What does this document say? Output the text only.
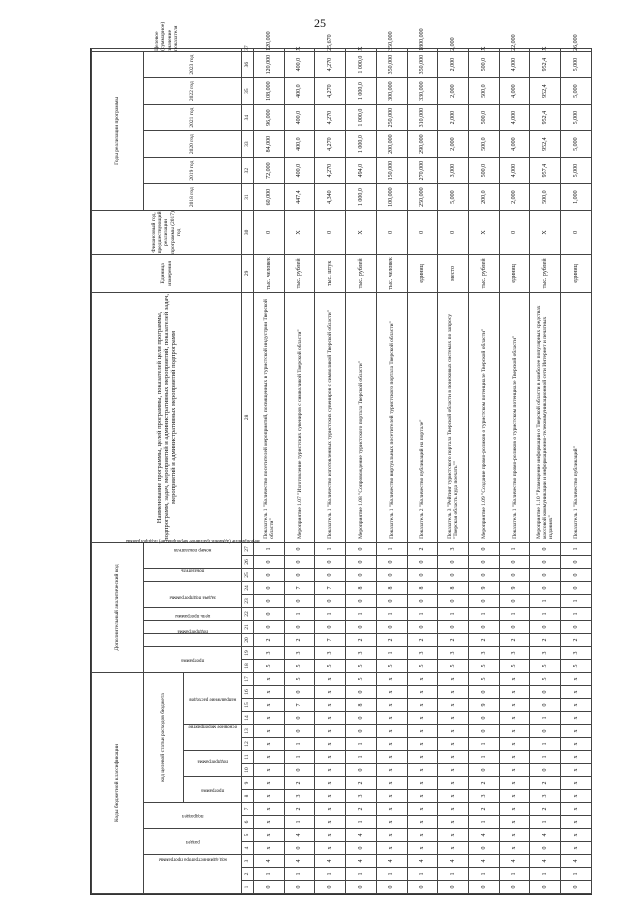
25
Коды бюджетной классификации																	Дополнительный аналитический код										Наименование программы, целей программы, показателей цели программы, подпрограмм, задач, мероприятий и административных мероприятий, показателей задач, мероприятий и административных мероприятий подпрограмм	Единица измерения	Финансовый год, предшествующий реализации программы (2017) год	Годы реализации программы						Целевое (суммарное) значение показателя
код администратора программы			раздел		подраздел		код целевой статьи расходов бюджета										программа		подпрограмма	цель программы	задача подпрограммы	мероприятие (административное мероприятие) подпрограммы		показатель	номер показателя					2018 год	2019 год	2020 год	2021 год	2022 год	2023 год	
							программа		подпрограмма		основное мероприятие		направление расходов																							
1	2	3	4	5	6	7	8	9	10	11	12	13	14	15	16	17	18	19	20	21	22	23	24	25	26	27	28	29	30	31	32	33	34	35	36	37
0	1	4	х	х	х	х	х	х	х	х	х	х	х	х	х	х	5	3	2	0	0	0	0	0	0	1	Показатель 1 "Количество посетителей мероприятий, посвященных в туристской индустрии Тверской области"	тыс. человек	0	60,000	72,000	84,000	96,000	108,000	120,000	120,000
0	1	4	0	4	1	2	3	2	0	1	1	0	0	7	0	5	5	3	2	0	1	0	7	0	0	0	Мероприятие 1.07 "Изготовление туристских сувениров с символикой Тверской области"	тыс. рублей	Х	447,4	400,0	400,0	400,0	400,0	400,0	Х
0	1	4	х	х	х	х	х	х	х	х	х	х	х	х	х	х	5	3	7	0	1	0	7	0	0	1	Показатель 1 "Количество изготовленных туристских сувениров с символикой Тверской области"	тыс. штук	0	4,340	4,270	4,270	4,270	4,270	4,270	25,670
0	1	4	0	4	1	2	3	2	0	1	1	0	0	8	0	5	5	3	2	0	1	0	8	0	0	0	Мероприятие 1.08 "Сопровождение туристского портала Тверской области"	тыс. рублей	Х	1 000,0	494,0	1 000,0	1 000,0	1 000,0	1 000,0	Х
0	1	4	х	х	х	х	х	х	х	х	х	х	х	х	х	х	5	1	2	0	1	0	8	0	0	1	Показатель 1 "Количество виртуальных посетителей туристского портала Тверской области"	тыс. человек	0	100,000	150,000	200,000	250,000	300,000	350,000	350,000
0	1	4	х	х	х	х	х	х	х	х	х	х	х	х	х	х	5	3	2	0	1	0	8	0	0	2	Показатель 2 "Количество публикаций на портале"	единиц	0	250,000	270,000	290,000	310,000	330,000	350,000	1800,000
0	1	4	х	х	х	х	х	х	х	х	х	х	х	х	х	х	5	3	2	0	1	0	8	0	0	3	Показатель 3 "Рейтинг туристского портала Тверской области в поисковых системах по запросу "Тверская область куда поехать""	место	0	5,000	3,000	2,000	2,000	2,000	2,000	2,000
0	1	4	0	4	1	2	3	2	0	1	1	0	0	9	0	5	5	3	2	0	1	0	9	0	0	0	Мероприятие 1.09 "Создание промо-роликов о туристском потенциале Тверской области"	тыс. рублей	Х	200,0	500,0	500,0	500,0	500,0	500,0	Х
0	1	4	х	х	х	х	х	х	х	х	х	х	х	х	х	х	5	3	2	0	1	0	9	0	0	1	Показатель 1 "Количество промо-роликов о туристском потенциале Тверской области"	единиц	0	2,000	4,000	4,000	4,000	4,000	4,000	22,000
0	1	4	0	4	1	2	3	2	0	1	1	0	1	0	0	5	5	3	2	0	1	1	0	0	0	0	Мероприятие 1.10 "Размещение информации о Тверской области в наиболее популярных средствах массовой коммуникации и информационно-телекоммуникационной сети Интернет и печатных изданиях"	тыс. рублей	Х	500,0	957,4	952,4	952,4	952,4	952,4	Х
0	1	4	х	х	х	х	х	х	х	х	х	х	х	х	х	х	5	3	2	0	1	1	0	0	0	1	Показатель 1 "Количество публикаций"	единиц	0	1,000	5,000	5,000	5,000	5,000	5,000	26,000
